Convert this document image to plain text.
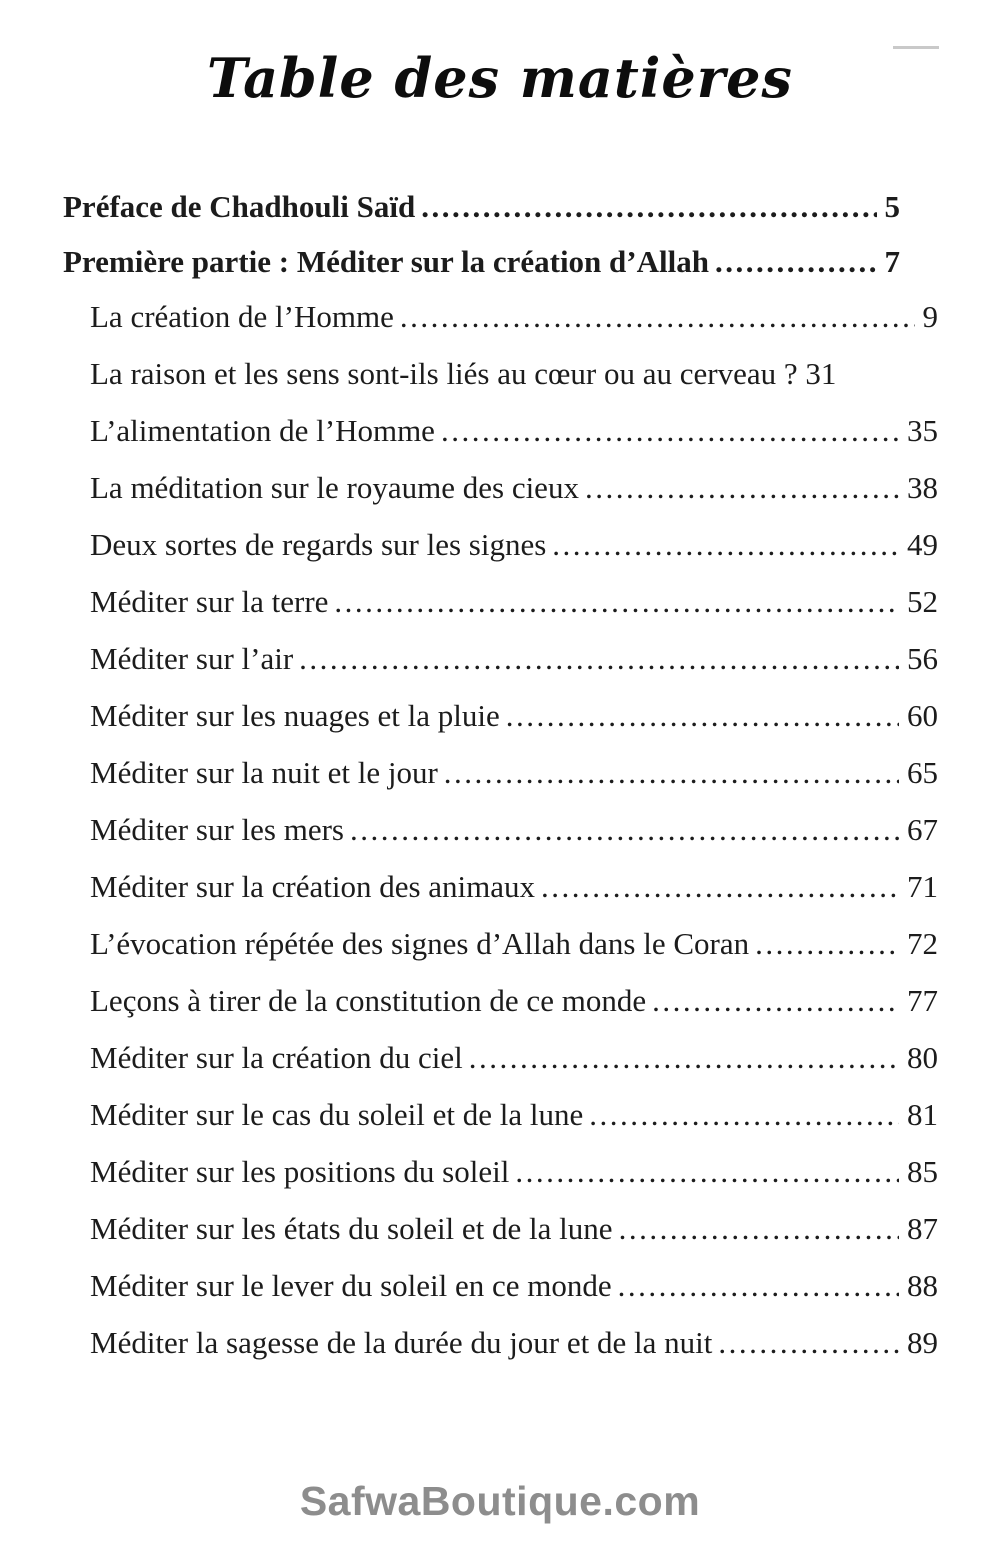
Table des matières
Préface de Chadhouli Saïd .....	5
Première partie : Méditer sur la création d’Allah .....	7
La création de l’Homme .....	9
La raison et les sens sont-ils liés au cœur ou au cerveau ? 31
L’alimentation de l’Homme .....	35
La méditation sur le royaume des cieux .....	38
Deux sortes de regards sur les signes .....	49
Méditer sur la terre .....	52
Méditer sur l’air .....	56
Méditer sur les nuages et la pluie .....	60
Méditer sur la nuit et le jour .....	65
Méditer sur les mers .....	67
Méditer sur la création des animaux .....	71
L’évocation répétée des signes d’Allah dans le Coran .....	72
Leçons à tirer de la constitution de ce monde .....	77
Méditer sur la création du ciel .....	80
Méditer sur le cas du soleil et de la lune .....	81
Méditer sur les positions du soleil .....	85
Méditer sur les états du soleil et de la lune .....	87
Méditer sur le lever du soleil en ce monde .....	88
Méditer la sagesse de la durée du jour et de la nuit .....	89
SafwaBoutique.com
